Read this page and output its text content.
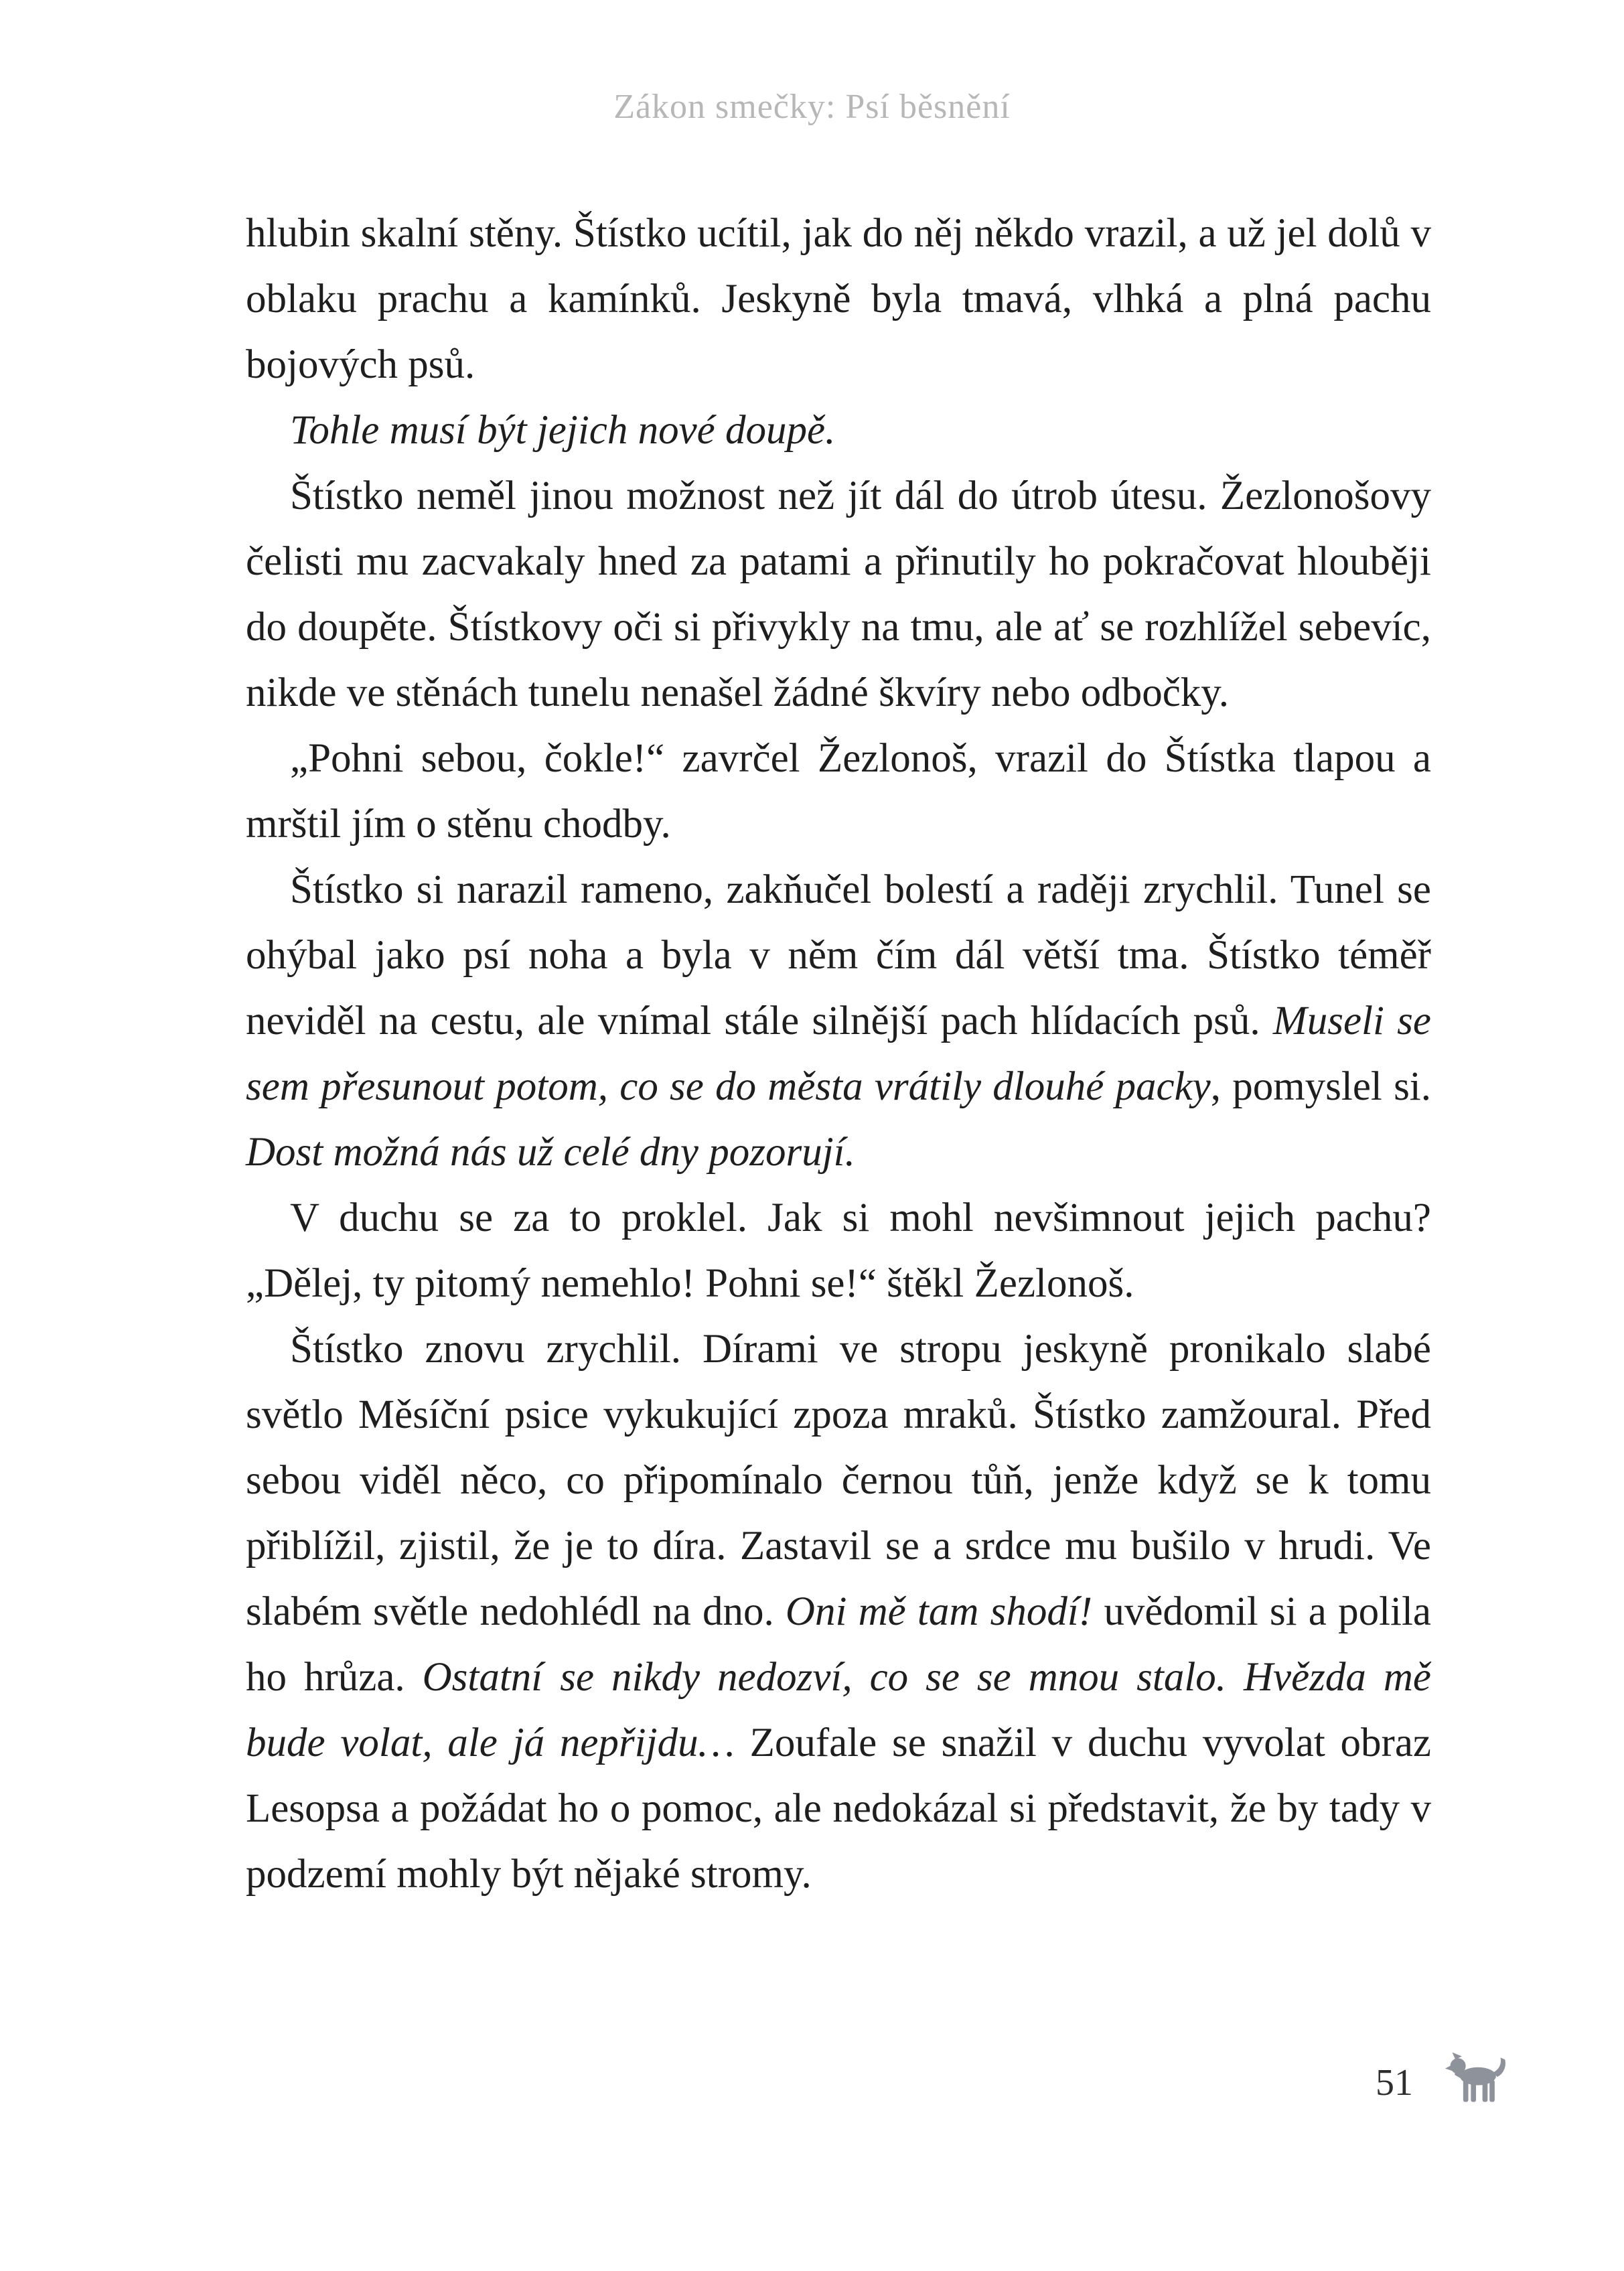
Zákon smečky: Psí běsnění

hlubin skalní stěny. Štístko ucítil, jak do něj někdo vrazil, a už jel dolů v oblaku prachu a kamínků. Jeskyně byla tmavá, vlhká a plná pachu bojových psů.

Tohle musí být jejich nové doupě.

Štístko neměl jinou možnost než jít dál do útrob útesu. Žezlonošovy čelisti mu zacvakaly hned za patami a přinutily ho pokračovat hlouběji do doupěte. Štístkovy oči si přivykly na tmu, ale ať se rozhlížel sebevíc, nikde ve stěnách tunelu nenašel žádné škvíry nebo odbočky.

„Pohni sebou, čokle!“ zavrčel Žezlonoš, vrazil do Štístka tlapou a mrštil jím o stěnu chodby.

Štístko si narazil rameno, zakňučel bolestí a raději zrychlil. Tunel se ohýbal jako psí noha a byla v něm čím dál větší tma. Štístko téměř neviděl na cestu, ale vnímal stále silnější pach hlídacích psů. Museli se sem přesunout potom, co se do města vrátily dlouhé packy, pomyslel si. Dost možná nás už celé dny pozorují.

V duchu se za to proklel. Jak si mohl nevšimnout jejich pachu? „Dělej, ty pitomý nemehlo! Pohni se!“ štěkl Žezlonoš.

Štístko znovu zrychlil. Dírami ve stropu jeskyně pronikalo slabé světlo Měsíční psice vykukující zpoza mraků. Štístko zamžoural. Před sebou viděl něco, co připomínalo černou tůň, jenže když se k tomu přiblížil, zjistil, že je to díra. Zastavil se a srdce mu bušilo v hrudi. Ve slabém světle nedohlédl na dno. Oni mě tam shodí! uvědomil si a polila ho hrůza. Ostatní se nikdy nedozví, co se se mnou stalo. Hvězda mě bude volat, ale já nepřijdu… Zoufale se snažil v duchu vyvolat obraz Lesopsa a požádat ho o pomoc, ale nedokázal si představit, že by tady v podzemí mohly být nějaké stromy.

51
